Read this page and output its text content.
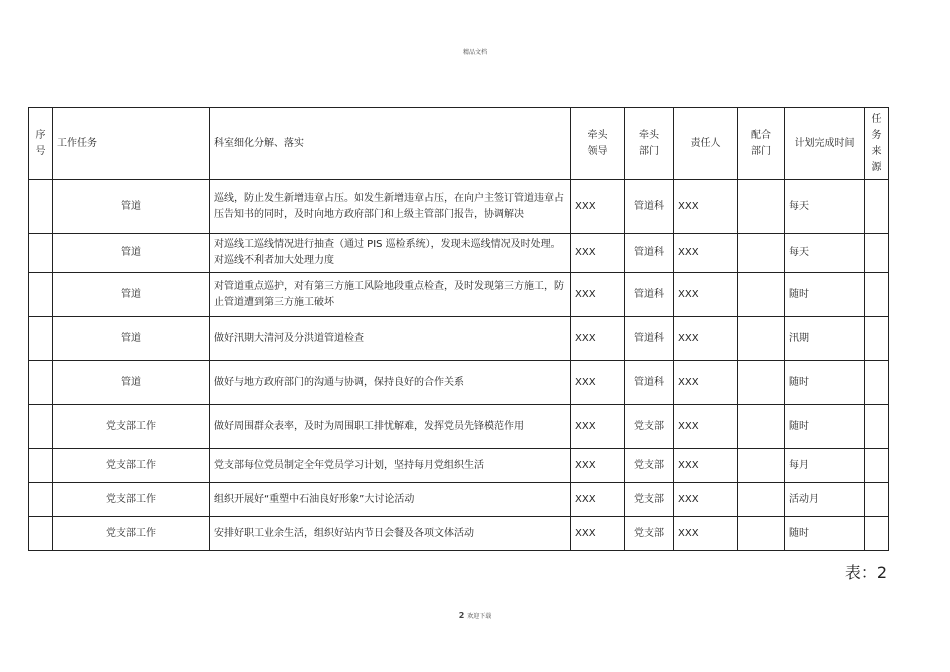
精品文档
序号	工作任务	科室细化分解、落实	牵头领导	牵头部门	责任人	配合部门	计划完成时间	任务来源
	管道	巡线，防止发生新增违章占压。如发生新增违章占压，在向户主签订管道违章占压告知书的同时，及时向地方政府部门和上级主管部门报告，协调解决	XXX	管道科	XXX		每天	
	管道	对巡线工巡线情况进行抽查（通过 PIS 巡检系统），发现未巡线情况及时处理。对巡线不利者加大处理力度	XXX	管道科	XXX		每天	
	管道	对管道重点巡护，对有第三方施工风险地段重点检查，及时发现第三方施工，防止管道遭到第三方施工破坏	XXX	管道科	XXX		随时	
	管道	做好汛期大清河及分洪道管道检查	XXX	管道科	XXX		汛期	
	管道	做好与地方政府部门的沟通与协调，保持良好的合作关系	XXX	管道科	XXX		随时	
	党支部工作	做好周围群众表率，及时为周围职工排忧解难，发挥党员先锋模范作用	XXX	党支部	XXX		随时	
	党支部工作	党支部每位党员制定全年党员学习计划，坚持每月党组织生活	XXX	党支部	XXX		每月	
	党支部工作	组织开展好“重塑中石油良好形象”大讨论活动	XXX	党支部	XXX		活动月	
	党支部工作	安排好职工业余生活，组织好站内节日会餐及各项文体活动	XXX	党支部	XXX		随时	
表：2
2 欢迎下载
